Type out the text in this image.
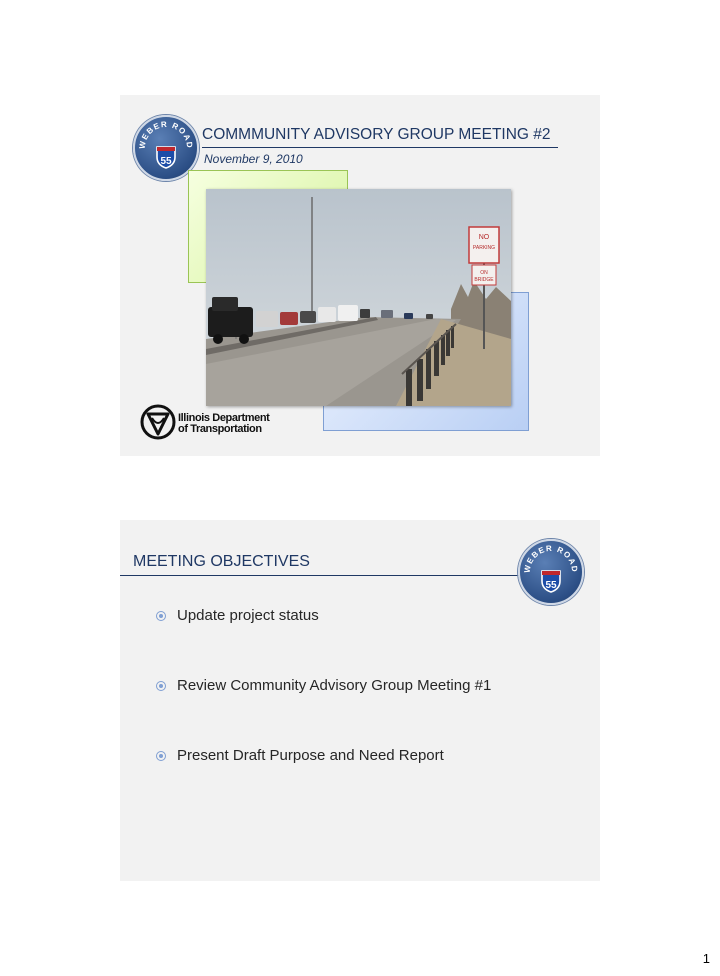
WEBER ROAD
55
COMMMUNITY ADVISORY GROUP MEETING #2
November 9, 2010
NO
PARKING
ON
BRIDGE
Illinois Department
of Transportation
MEETING OBJECTIVES	WEBER ROAD
55
Update project status
Review Community Advisory Group Meeting #1
Present Draft Purpose and Need Report
1
